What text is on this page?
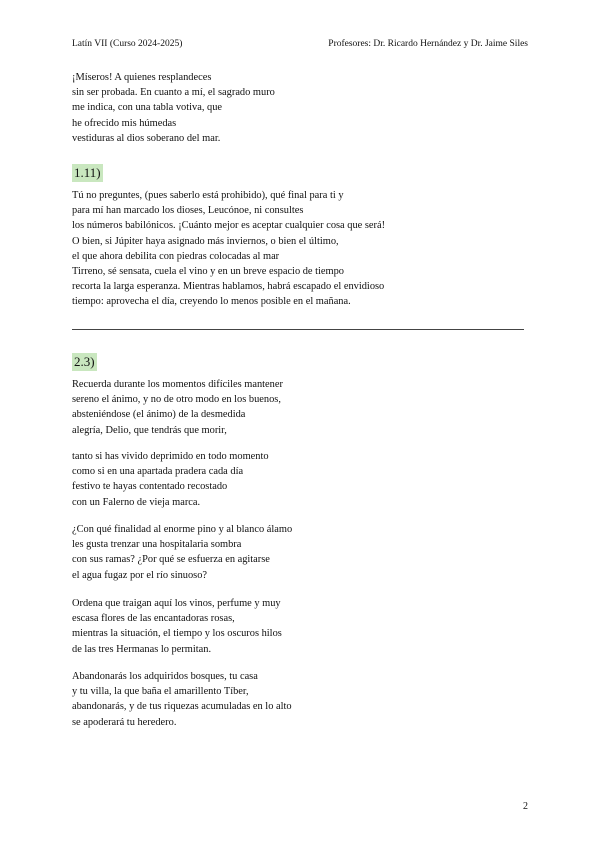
Latín VII (Curso 2024-2025)	Profesores: Dr. Ricardo Hernández y Dr. Jaime Siles
¡Míseros! A quienes resplandeces
sin ser probada. En cuanto a mí, el sagrado muro
me indica, con una tabla votiva, que
he ofrecido mis húmedas
vestiduras al dios soberano del mar.
1.11)
Tú no preguntes, (pues saberlo está prohibido), qué final para ti y
para mí han marcado los dioses, Leucónoe, ni consultes
los números babilónicos. ¡Cuánto mejor es aceptar cualquier cosa que será!
O bien, si Júpiter haya asignado más inviernos, o bien el último,
el que ahora debilita con piedras colocadas al mar
Tirreno, sé sensata, cuela el vino y en un breve espacio de tiempo
recorta la larga esperanza. Mientras hablamos, habrá escapado el envidioso
tiempo: aprovecha el día, creyendo lo menos posible en el mañana.
2.3)
Recuerda durante los momentos difíciles mantener
sereno el ánimo, y no de otro modo en los buenos,
absteniéndose (el ánimo) de la desmedida
alegría, Delio, que tendrás que morir,
tanto si has vivido deprimido en todo momento
como si en una apartada pradera cada día
festivo te hayas contentado recostado
con un Falerno de vieja marca.
¿Con qué finalidad al enorme pino y al blanco álamo
les gusta trenzar una hospitalaria sombra
con sus ramas? ¿Por qué se esfuerza en agitarse
el agua fugaz por el río sinuoso?
Ordena que traigan aquí los vinos, perfume y muy
escasa flores de las encantadoras rosas,
mientras la situación, el tiempo y los oscuros hilos
de las tres Hermanas lo permitan.
Abandonarás los adquiridos bosques, tu casa
y tu villa, la que baña el amarillento Tíber,
abandonarás, y de tus riquezas acumuladas en lo alto
se apoderará tu heredero.
2
